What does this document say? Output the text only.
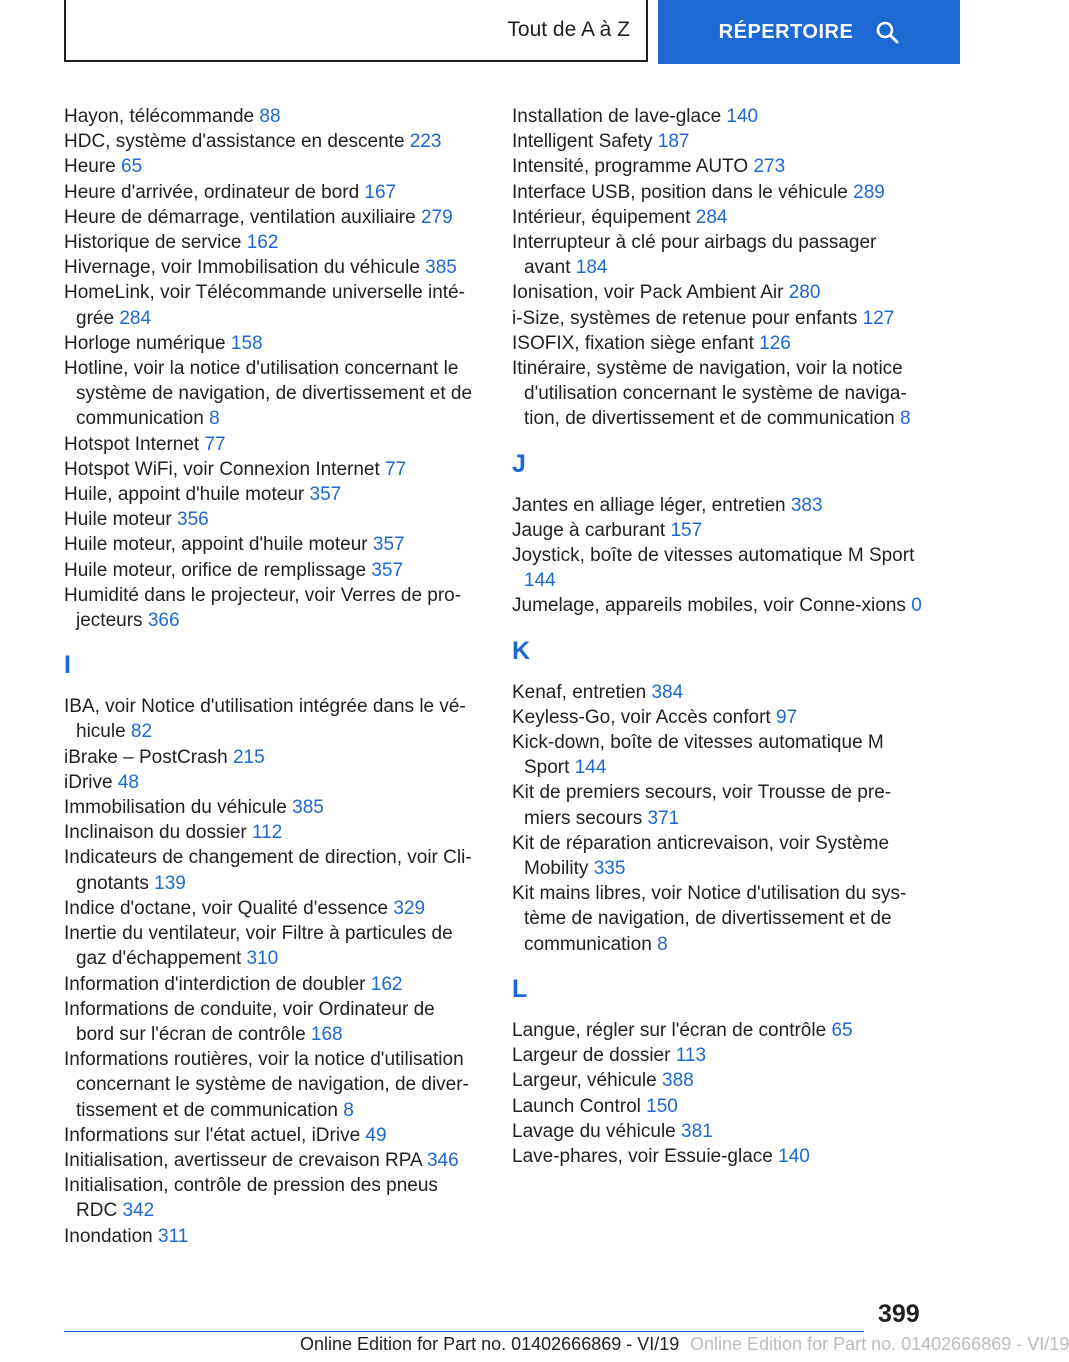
Tout de A à Z	RÉPERTOIRE
Hayon, télécommande 88
HDC, système d'assistance en descente 223
Heure 65
Heure d'arrivée, ordinateur de bord 167
Heure de démarrage, ventilation auxiliaire 279
Historique de service 162
Hivernage, voir Immobilisation du véhicule 385
HomeLink, voir Télécommande universelle inté‐grée 284
Horloge numérique 158
Hotline, voir la notice d'utilisation concernant le système de navigation, de divertissement et de communication 8
Hotspot Internet 77
Hotspot WiFi, voir Connexion Internet 77
Huile, appoint d'huile moteur 357
Huile moteur 356
Huile moteur, appoint d'huile moteur 357
Huile moteur, orifice de remplissage 357
Humidité dans le projecteur, voir Verres de pro‐jecteurs 366
I
IBA, voir Notice d'utilisation intégrée dans le vé‐hicule 82
iBrake – PostCrash 215
iDrive 48
Immobilisation du véhicule 385
Inclinaison du dossier 112
Indicateurs de changement de direction, voir Cli‐gnotants 139
Indice d'octane, voir Qualité d'essence 329
Inertie du ventilateur, voir Filtre à particules de gaz d'échappement 310
Information d'interdiction de doubler 162
Informations de conduite, voir Ordinateur de bord sur l'écran de contrôle 168
Informations routières, voir la notice d'utilisation concernant le système de navigation, de diver‐tissement et de communication 8
Informations sur l'état actuel, iDrive 49
Initialisation, avertisseur de crevaison RPA 346
Initialisation, contrôle de pression des pneus RDC 342
Inondation 311
Installation de lave-glace 140
Intelligent Safety 187
Intensité, programme AUTO 273
Interface USB, position dans le véhicule 289
Intérieur, équipement 284
Interrupteur à clé pour airbags du passager avant 184
Ionisation, voir Pack Ambient Air 280
i-Size, systèmes de retenue pour enfants 127
ISOFIX, fixation siège enfant 126
Itinéraire, système de navigation, voir la notice d'utilisation concernant le système de naviga‐tion, de divertissement et de communication 8
J
Jantes en alliage léger, entretien 383
Jauge à carburant 157
Joystick, boîte de vitesses automatique M Sport 144
Jumelage, appareils mobiles, voir Conne‐xions 0
K
Kenaf, entretien 384
Keyless-Go, voir Accès confort 97
Kick-down, boîte de vitesses automatique M Sport 144
Kit de premiers secours, voir Trousse de pre‐miers secours 371
Kit de réparation anticrevaison, voir Système Mobility 335
Kit mains libres, voir Notice d'utilisation du sys‐tème de navigation, de divertissement et de communication 8
L
Langue, régler sur l'écran de contrôle 65
Largeur de dossier 113
Largeur, véhicule 388
Launch Control 150
Lavage du véhicule 381
Lave-phares, voir Essuie-glace 140
399
Online Edition for Part no. 01402666869 - VI/19 Online Edition for Part no. 01402666869 - VI/19
